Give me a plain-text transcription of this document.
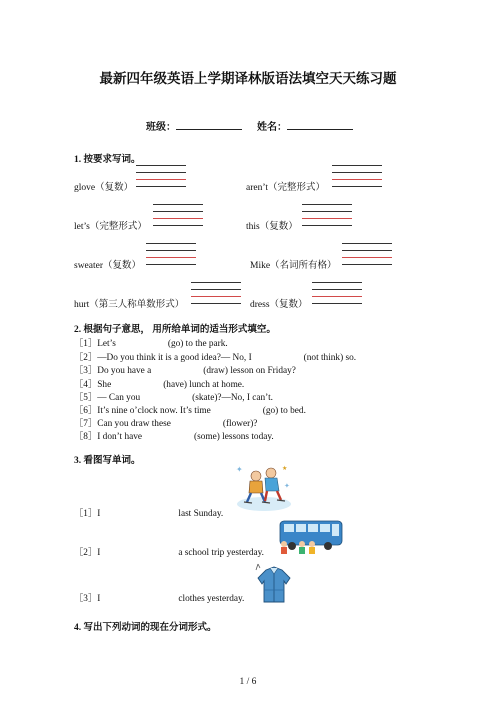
最新四年级英语上学期译林版语法填空天天练习题
班级：	姓名：
1. 按要求写词。
glove（复数）	aren’t（完整形式）
let’s（完整形式）	this（复数）
sweater（复数）	Mike（名词所有格）
hurt（第三人称单数形式）	dress（复数）
2. 根据句子意思， 用所给单词的适当形式填空。
［1］Let’s	(go) to the park.
［2］—Do you think it is a good idea?— No, I	(not think) so.
［3］Do you have a	(draw) lesson on Friday?
［4］She	(have) lunch at home.
［5］— Can you	(skate)?—No, I can’t.
［6］It’s nine o’clock now. It’s time	(go) to bed.
［7］Can you draw these	(flower)?
［8］I don’t have	(some) lessons today.
3. 看图写单词。
［1］I	last Sunday.
［2］I	a school trip yesterday.
［3］I	clothes yesterday.
✦
✦
★
4. 写出下列动词的现在分词形式。
1 / 6
